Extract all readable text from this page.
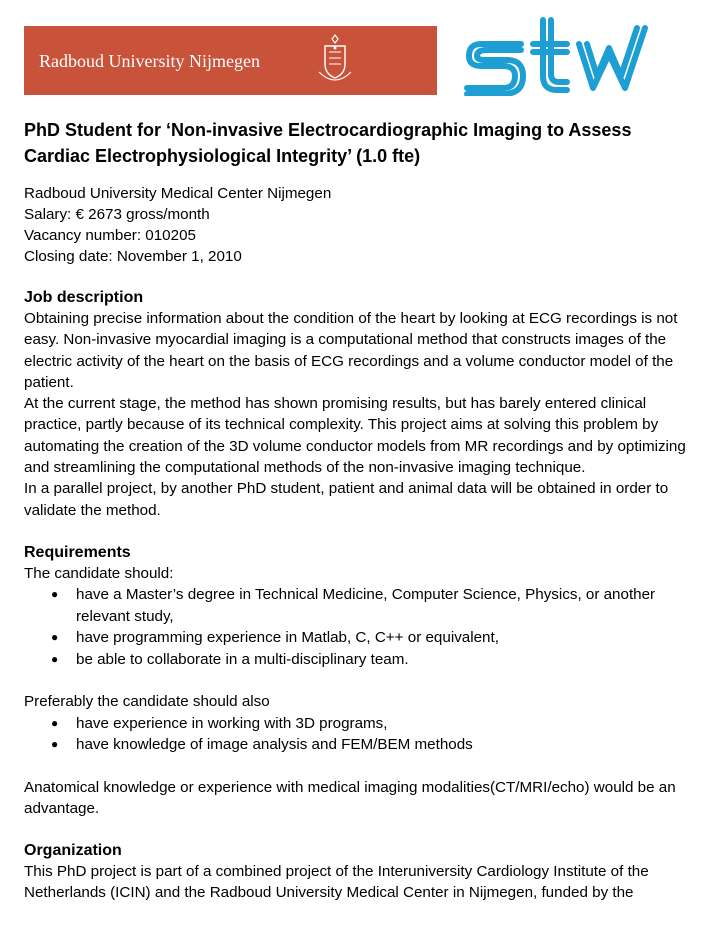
Radboud University Nijmegen
PhD Student for ‘Non-invasive Electrocardiographic Imaging to Assess Cardiac Electrophysiological Integrity’ (1.0 fte)
Radboud University Medical Center Nijmegen
Salary: € 2673 gross/month
Vacancy number: 010205
Closing date: November 1, 2010
Job description

Obtaining precise information about the condition of the heart by looking at ECG recordings is not easy. Non-invasive myocardial imaging is a computational method that constructs images of the electric activity of the heart on the basis of ECG recordings and a volume conductor model of the patient.

At the current stage, the method has shown promising results, but has barely entered clinical practice, partly because of its technical complexity. This project aims at solving this problem by automating the creation of the 3D volume conductor models from MR recordings and by optimizing and streamlining the computational methods of the non-invasive imaging technique.

In a parallel project, by another PhD student, patient and animal data will be obtained in order to validate the method.

Requirements

The candidate should:

● have a Master’s degree in Technical Medicine, Computer Science, Physics, or another relevant study,
● have programming experience in Matlab, C, C++ or equivalent,
● be able to collaborate in a multi-disciplinary team.

Preferably the candidate should also

● have experience in working with 3D programs,
● have knowledge of image analysis and FEM/BEM methods

Anatomical knowledge or experience with medical imaging modalities(CT/MRI/echo) would be an advantage.

Organization

This PhD project is part of a combined project of the Interuniversity Cardiology Institute of the Netherlands (ICIN) and the Radboud University Medical Center in Nijmegen, funded by the
